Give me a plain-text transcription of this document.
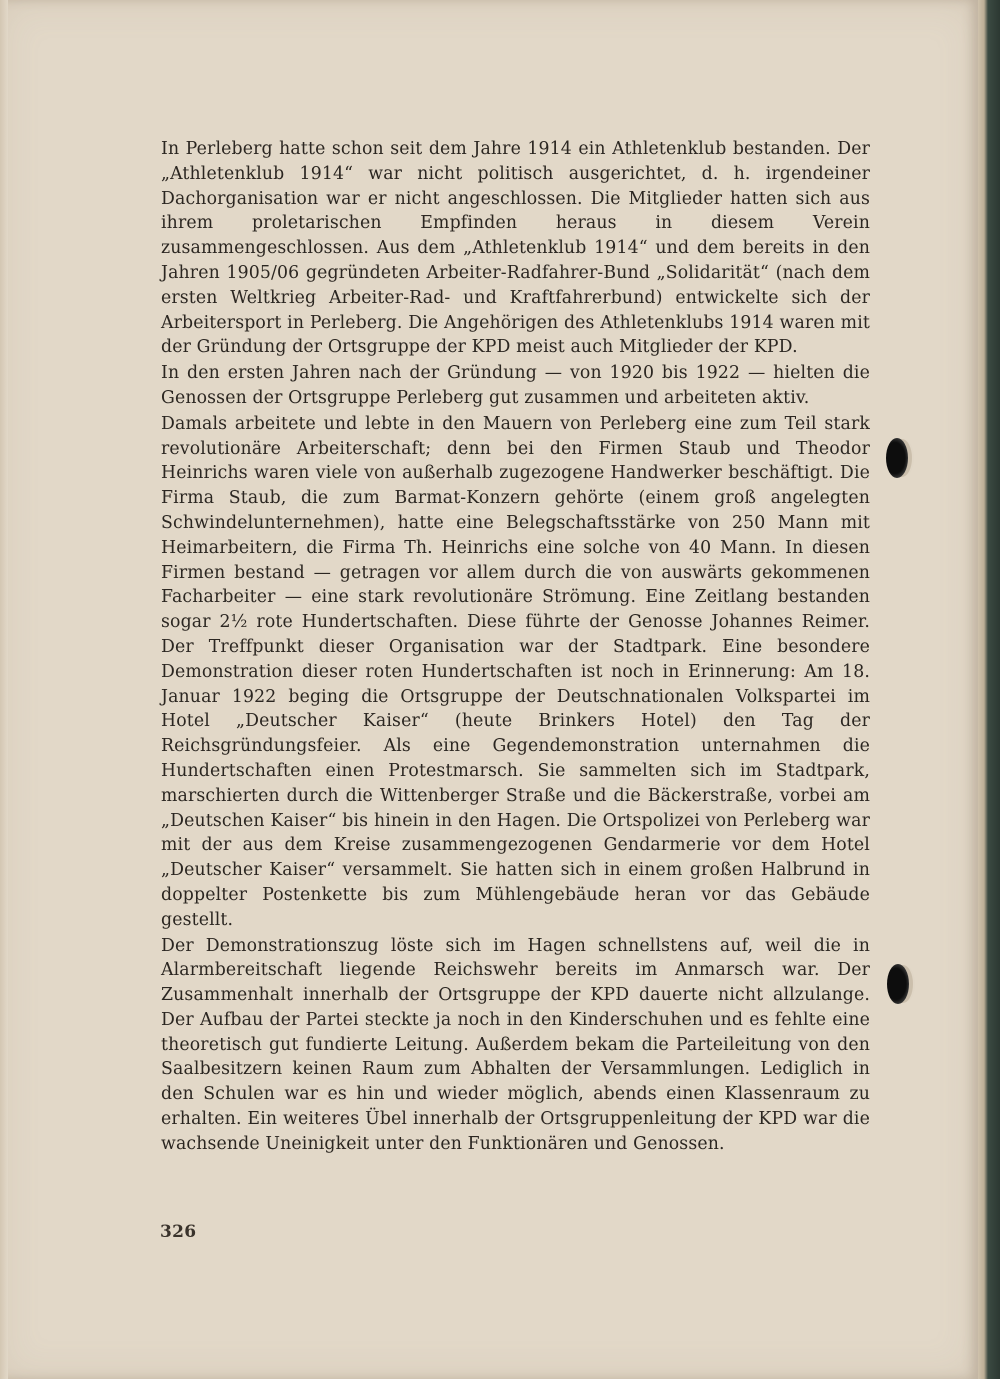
In Perleberg hatte schon seit dem Jahre 1914 ein Athletenklub bestanden. Der „Athletenklub 1914“ war nicht politisch ausgerichtet, d. h. irgendeiner Dachorganisation war er nicht angeschlossen. Die Mitglieder hatten sich aus ihrem proletarischen Empfinden heraus in diesem Verein zusammengeschlossen. Aus dem „Athletenklub 1914“ und dem bereits in den Jahren 1905/06 gegründeten Arbeiter-Radfahrer-Bund „Solidarität“ (nach dem ersten Weltkrieg Arbeiter-Rad- und Kraftfahrerbund) entwickelte sich der Arbeitersport in Perleberg. Die Angehörigen des Athletenklubs 1914 waren mit der Gründung der Ortsgruppe der KPD meist auch Mitglieder der KPD.

In den ersten Jahren nach der Gründung — von 1920 bis 1922 — hielten die Genossen der Ortsgruppe Perleberg gut zusammen und arbeiteten aktiv.

Damals arbeitete und lebte in den Mauern von Perleberg eine zum Teil stark revolutionäre Arbeiterschaft; denn bei den Firmen Staub und Theodor Heinrichs waren viele von außerhalb zugezogene Handwerker beschäftigt. Die Firma Staub, die zum Barmat-Konzern gehörte (einem groß angelegten Schwindelunternehmen), hatte eine Belegschaftsstärke von 250 Mann mit Heimarbeitern, die Firma Th. Heinrichs eine solche von 40 Mann. In diesen Firmen bestand — getragen vor allem durch die von auswärts gekommenen Facharbeiter — eine stark revolutionäre Strömung. Eine Zeitlang bestanden sogar 2½ rote Hundertschaften. Diese führte der Genosse Johannes Reimer. Der Treffpunkt dieser Organisation war der Stadtpark. Eine besondere Demonstration dieser roten Hundertschaften ist noch in Erinnerung: Am 18. Januar 1922 beging die Ortsgruppe der Deutschnationalen Volkspartei im Hotel „Deutscher Kaiser“ (heute Brinkers Hotel) den Tag der Reichsgründungsfeier. Als eine Gegendemonstration unternahmen die Hundertschaften einen Protestmarsch. Sie sammelten sich im Stadtpark, marschierten durch die Wittenberger Straße und die Bäckerstraße, vorbei am „Deutschen Kaiser“ bis hinein in den Hagen. Die Ortspolizei von Perleberg war mit der aus dem Kreise zusammengezogenen Gendarmerie vor dem Hotel „Deutscher Kaiser“ versammelt. Sie hatten sich in einem großen Halbrund in doppelter Postenkette bis zum Mühlengebäude heran vor das Gebäude gestellt.

Der Demonstrationszug löste sich im Hagen schnellstens auf, weil die in Alarmbereitschaft liegende Reichswehr bereits im Anmarsch war. Der Zusammenhalt innerhalb der Ortsgruppe der KPD dauerte nicht allzulange. Der Aufbau der Partei steckte ja noch in den Kinderschuhen und es fehlte eine theoretisch gut fundierte Leitung. Außerdem bekam die Parteileitung von den Saalbesitzern keinen Raum zum Abhalten der Versammlungen. Lediglich in den Schulen war es hin und wieder möglich, abends einen Klassenraum zu erhalten. Ein weiteres Übel innerhalb der Ortsgruppenleitung der KPD war die wachsende Uneinigkeit unter den Funktionären und Genossen.

326
